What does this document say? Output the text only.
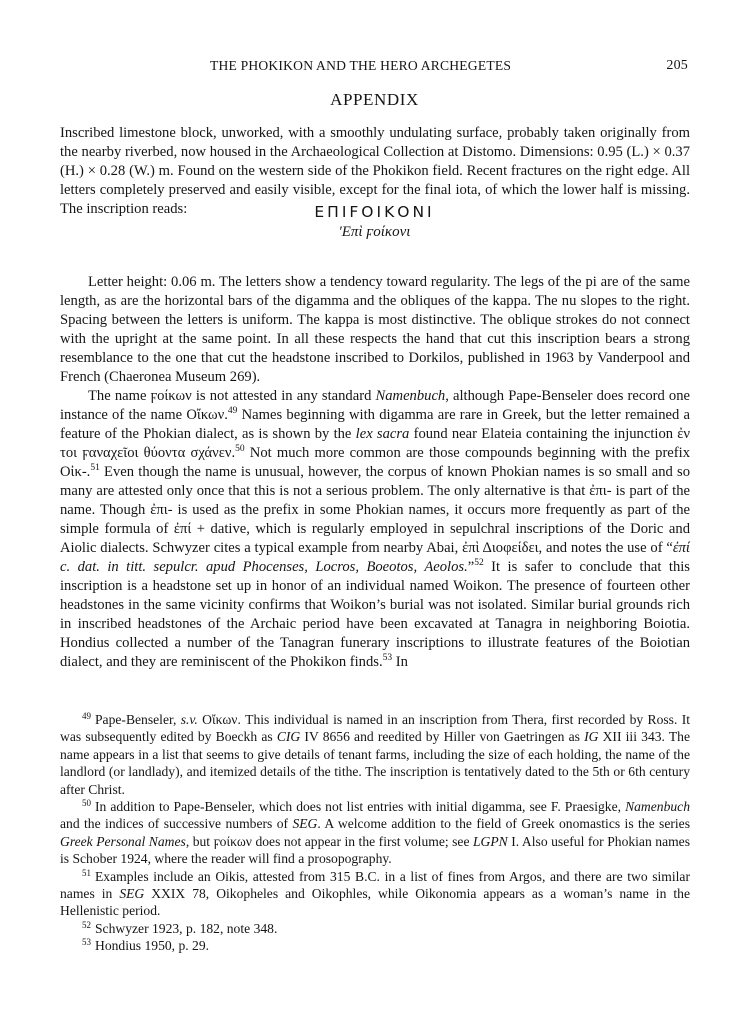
THE PHOKIKON AND THE HERO ARCHEGETES	205
APPENDIX

Inscribed limestone block, unworked, with a smoothly undulating surface, probably taken originally from the nearby riverbed, now housed in the Archaeological Collection at Distomo. Dimensions: 0.95 (L.) × 0.37 (H.) × 0.28 (W.) m. Found on the western side of the Phokikon field. Recent fractures on the right edge. All letters completely preserved and easily visible, except for the final iota, of which the lower half is missing. The inscription reads:	ΕΠΙFΟΙΚΟΝΙ
'Επὶ ϝοίκονι

Letter height: 0.06 m. The letters show a tendency toward regularity. The legs of the pi are of the same length, as are the horizontal bars of the digamma and the obliques of the kappa. The nu slopes to the right. Spacing between the letters is uniform. The kappa is most distinctive. The oblique strokes do not connect with the upright at the same point. In all these respects the hand that cut this inscription bears a strong resemblance to the one that cut the headstone inscribed to Dorkilos, published in 1963 by Vanderpool and French (Chaeronea Museum 269).

The name ϝοίκων is not attested in any standard Namenbuch, although Pape-Benseler does record one instance of the name Οἴκων.$^{49}$ Names beginning with digamma are rare in Greek, but the letter remained a feature of the Phokian dialect, as is shown by the lex sacra found near Elateia containing the injunction ἐν τοι ϝαναχεῖοι θύοντα σχάνεν.$^{50}$ Not much more common are those compounds beginning with the prefix Οἰκ-.$^{51}$ Even though the name is unusual, however, the corpus of known Phokian names is so small and so many are attested only once that this is not a serious problem. The only alternative is that ἐπι- is part of the name. Though ἐπι- is used as the prefix in some Phokian names, it occurs more frequently as part of the simple formula of ἐπί + dative, which is regularly employed in sepulchral inscriptions of the Doric and Aiolic dialects. Schwyzer cites a typical example from nearby Abai, ἐπὶ Διοφείδει, and notes the use of “ἐπί c. dat. in titt. sepulcr. apud Phocenses, Locros, Boeotos, Aeolos.”$^{52}$ It is safer to conclude that this inscription is a headstone set up in honor of an individual named Woikon. The presence of fourteen other headstones in the same vicinity confirms that Woikon’s burial was not isolated. Similar burial grounds rich in inscribed headstones of the Archaic period have been excavated at Tanagra in neighboring Boiotia. Hondius collected a number of the Tanagran funerary inscriptions to illustrate features of the Boiotian dialect, and they are reminiscent of the Phokikon finds.$^{53}$ In

$^{49}$ Pape-Benseler, s.v. Οἴκων. This individual is named in an inscription from Thera, first recorded by Ross. It was subsequently edited by Boeckh as CIG IV 8656 and reedited by Hiller von Gaetringen as IG XII iii 343. The name appears in a list that seems to give details of tenant farms, including the size of each holding, the name of the landlord (or landlady), and itemized details of the tithe. The inscription is tentatively dated to the 5th or 6th century after Christ.

$^{50}$ In addition to Pape-Benseler, which does not list entries with initial digamma, see F. Praesigke, Namenbuch and the indices of successive numbers of SEG. A welcome addition to the field of Greek onomastics is the series Greek Personal Names, but ϝοίκων does not appear in the first volume; see LGPN I. Also useful for Phokian names is Schober 1924, where the reader will find a prosopography.

$^{51}$ Examples include an Oikis, attested from 315 B.C. in a list of fines from Argos, and there are two similar names in SEG XXIX 78, Oikopheles and Oikophles, while Oikonomia appears as a woman’s name in the Hellenistic period.

$^{52}$ Schwyzer 1923, p. 182, note 348.

$^{53}$ Hondius 1950, p. 29.
